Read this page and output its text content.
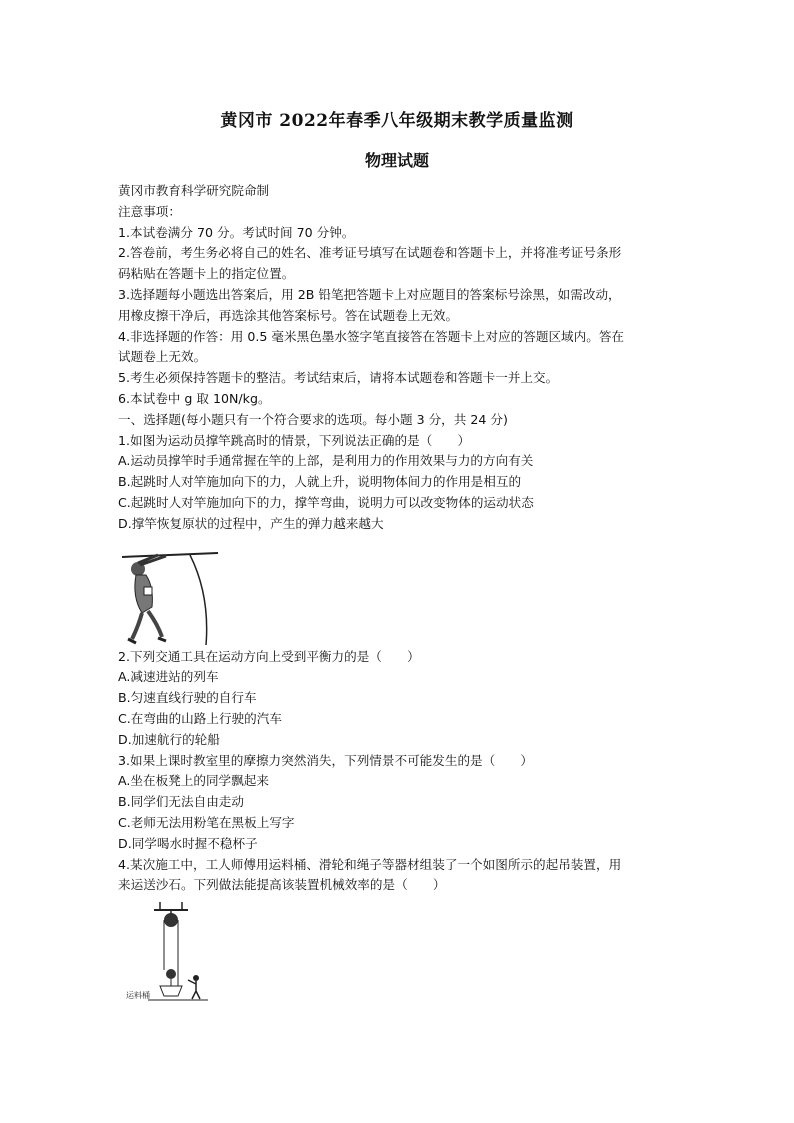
黄冈市 2022年春季八年级期末教学质量监测
物理试题
黄冈市教育科学研究院命制
注意事项：
1.本试卷满分 70 分。考试时间 70 分钟。
2.答卷前，考生务必将自己的姓名、准考证号填写在试题卷和答题卡上，并将准考证号条形
码粘贴在答题卡上的指定位置。
3.选择题每小题选出答案后，用 2B 铅笔把答题卡上对应题目的答案标号涂黑，如需改动，
用橡皮擦干净后，再选涂其他答案标号。答在试题卷上无效。
4.非选择题的作答：用 0.5 毫米黑色墨水签字笔直接答在答题卡上对应的答题区域内。答在
试题卷上无效。
5.考生必须保持答题卡的整洁。考试结束后，请将本试题卷和答题卡一并上交。
6.本试卷中 g 取 10N/kg。
一、选择题(每小题只有一个符合要求的选项。每小题 3 分，共 24 分)
1.如图为运动员撑竿跳高时的情景，下列说法正确的是（　　）
A.运动员撑竿时手通常握在竿的上部，是利用力的作用效果与力的方向有关
B.起跳时人对竿施加向下的力，人就上升，说明物体间力的作用是相互的
C.起跳时人对竿施加向下的力，撑竿弯曲，说明力可以改变物体的运动状态
D.撑竿恢复原状的过程中，产生的弹力越来越大
2.下列交通工具在运动方向上受到平衡力的是（　　）
A.减速进站的列车
B.匀速直线行驶的自行车
C.在弯曲的山路上行驶的汽车
D.加速航行的轮船
3.如果上课时教室里的摩擦力突然消失，下列情景不可能发生的是（　　）
A.坐在板凳上的同学飘起来
B.同学们无法自由走动
C.老师无法用粉笔在黑板上写字
D.同学喝水时握不稳杯子
4.某次施工中，工人师傅用运料桶、滑轮和绳子等器材组装了一个如图所示的起吊装置，用
来运送沙石。下列做法能提高该装置机械效率的是（　　）
运料桶
